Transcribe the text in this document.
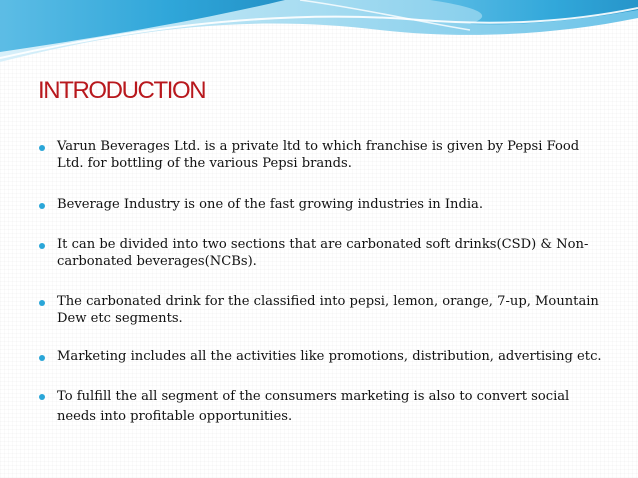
INTRODUCTION
Varun Beverages Ltd. is a private ltd to which franchise is given by Pepsi Food Ltd. for bottling of the various Pepsi brands.
Beverage Industry is one of the fast growing industries in India.
It can be divided into two sections that are carbonated soft drinks(CSD) & Non-carbonated beverages(NCBs).
The carbonated drink for the classified into pepsi, lemon, orange, 7-up, Mountain Dew etc segments.
Marketing includes all the activities like promotions, distribution, advertising etc.
To fulfill the all segment of the consumers marketing is also to convert social needs into profitable opportunities.
